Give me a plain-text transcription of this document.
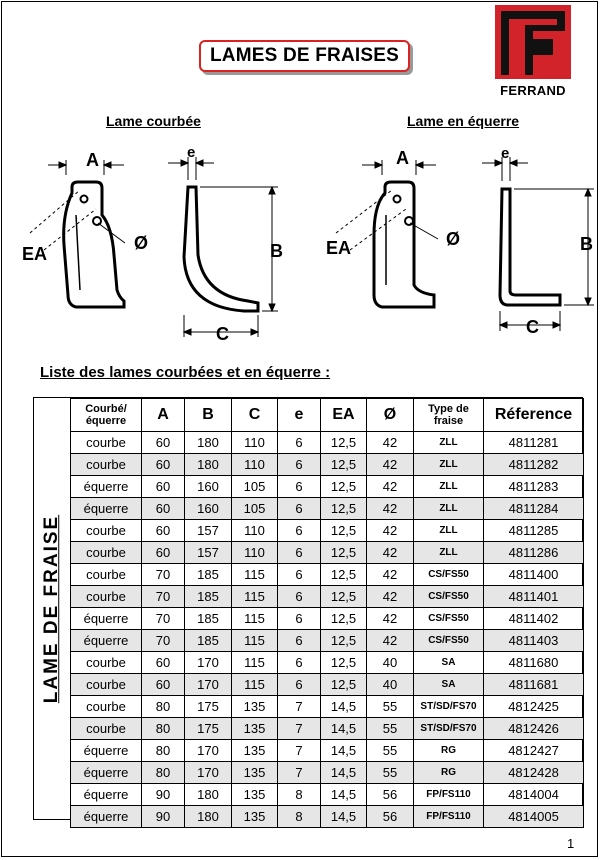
LAMES DE FRAISES
FERRAND
Lame courbée	Lame en équerre
A
EA
Ø
e
B
C
A
EA	Ø
e
B
C
Liste des lames courbées et en équerre :
LAME DE FRAISE
Courbé/ équerre	A	B	C	e	EA	Ø	Type de fraise	Réference
courbe	60	180	110	6	12,5	42	ZLL	4811281
courbe	60	180	110	6	12,5	42	ZLL	4811282
équerre	60	160	105	6	12,5	42	ZLL	4811283
équerre	60	160	105	6	12,5	42	ZLL	4811284
courbe	60	157	110	6	12,5	42	ZLL	4811285
courbe	60	157	110	6	12,5	42	ZLL	4811286
courbe	70	185	115	6	12,5	42	CS/FS50	4811400
courbe	70	185	115	6	12,5	42	CS/FS50	4811401
équerre	70	185	115	6	12,5	42	CS/FS50	4811402
équerre	70	185	115	6	12,5	42	CS/FS50	4811403
courbe	60	170	115	6	12,5	40	SA	4811680
courbe	60	170	115	6	12,5	40	SA	4811681
courbe	80	175	135	7	14,5	55	ST/SD/FS70	4812425
courbe	80	175	135	7	14,5	55	ST/SD/FS70	4812426
équerre	80	170	135	7	14,5	55	RG	4812427
équerre	80	170	135	7	14,5	55	RG	4812428
équerre	90	180	135	8	14,5	56	FP/FS110	4814004
équerre	90	180	135	8	14,5	56	FP/FS110	4814005
1
